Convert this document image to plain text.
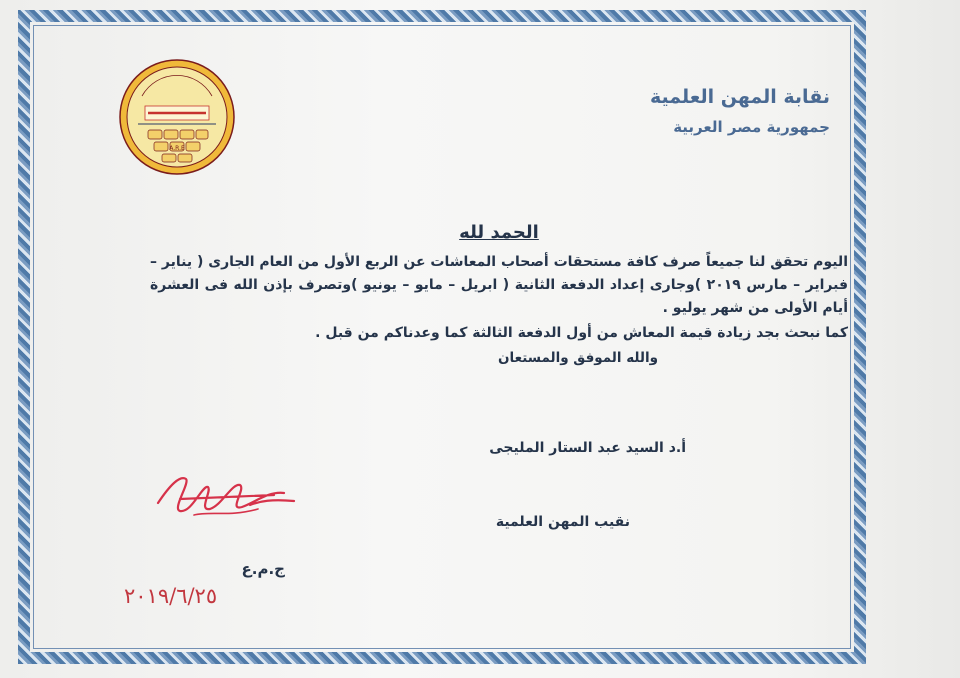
A.R.E
نقابة المهن العلمية
جمهورية مصر العربية
الحمد لله
اليوم تحقق لنا جميعاً صرف كافة مستحقات أصحاب المعاشات عن الربع الأول من العام الجارى ( يناير –فبراير – مارس ٢٠١٩ )وجارى إعداد الدفعة الثانية ( ابريل – مايو – يونيو )وتصرف بإذن الله فى العشرة أيام الأولى من شهر يوليو .
كما نبحث بجد زيادة قيمة المعاش من أول الدفعة الثالثة كما وعدناكم من قبل .
والله الموفق والمستعان
أ.د السيد عبد الستار المليجى
نقيب المهن العلمية
ج.م.ع
٢٠١٩/٦/٢٥
